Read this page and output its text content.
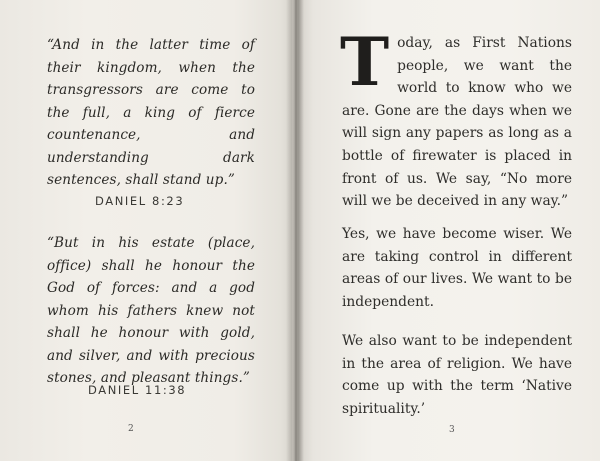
“And in the latter time of their kingdom, when the transgressors are come to the full, a king of fierce countenance, and understanding dark sentences, shall stand up.”

DANIEL 8:23

“But in his estate (place, office) shall he honour the God of forces: and a god whom his fathers knew not shall he honour with gold, and silver, and with precious stones, and pleasant things.”

DANIEL 11:38
2

Today, as First Nations people, we want the world to know who we are. Gone are the days when we will sign any papers as long as a bottle of firewater is placed in front of us. We say, “No more will we be deceived in any way.”

Yes, we have become wiser. We are taking control in different areas of our lives. We want to be independent.

We also want to be independent in the area of religion. We have come up with the term ‘Native spirituality.’

3
